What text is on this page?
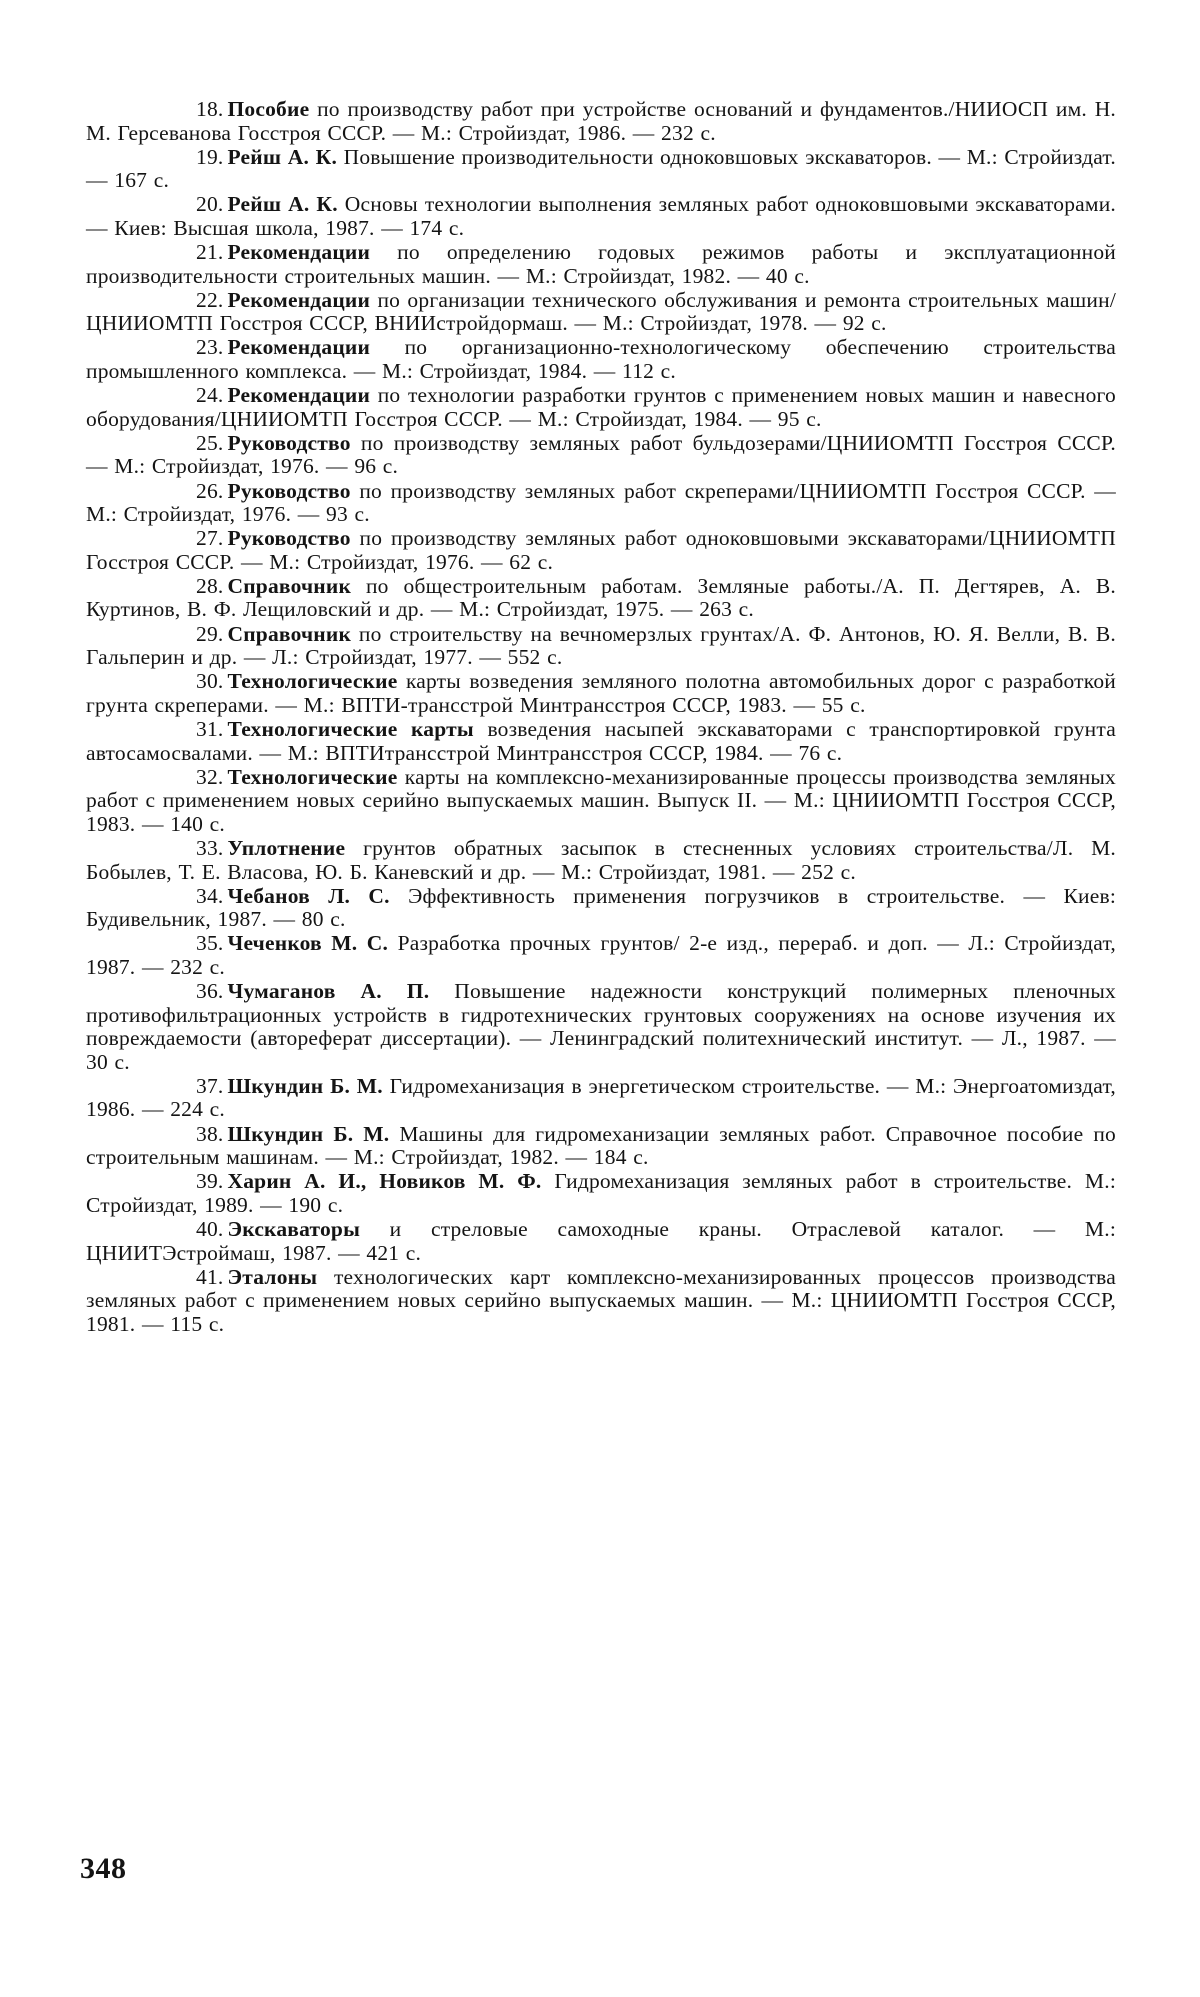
18. Пособие по производству работ при устройстве оснований и фундаментов./НИИОСП им. Н. М. Герсеванова Госстроя СССР. — М.: Стройиздат, 1986. — 232 с.

19. Рейш А. К. Повышение производительности одноковшовых экскаваторов. — М.: Стройиздат. — 167 с.

20. Рейш А. К. Основы технологии выполнения земляных работ одноковшовыми экскаваторами. — Киев: Высшая школа, 1987. — 174 с.

21. Рекомендации по определению годовых режимов работы и эксплуатационной производительности строительных машин. — М.: Стройиздат, 1982. — 40 с.

22. Рекомендации по организации технического обслуживания и ремонта строительных машин/ЦНИИОМТП Госстроя СССР, ВНИИстройдормаш. — М.: Стройиздат, 1978. — 92 с.

23. Рекомендации по организационно-технологическому обеспечению строительства промышленного комплекса. — М.: Стройиздат, 1984. — 112 с.

24. Рекомендации по технологии разработки грунтов с применением новых машин и навесного оборудования/ЦНИИОМТП Госстроя СССР. — М.: Стройиздат, 1984. — 95 с.

25. Руководство по производству земляных работ бульдозерами/ЦНИИОМТП Госстроя СССР. — М.: Стройиздат, 1976. — 96 с.

26. Руководство по производству земляных работ скреперами/ЦНИИОМТП Госстроя СССР. — М.: Стройиздат, 1976. — 93 с.

27. Руководство по производству земляных работ одноковшовыми экскаваторами/ЦНИИОМТП Госстроя СССР. — М.: Стройиздат, 1976. — 62 с.

28. Справочник по общестроительным работам. Земляные работы./А. П. Дегтярев, А. В. Куртинов, В. Ф. Лещиловский и др. — М.: Стройиздат, 1975. — 263 с.

29. Справочник по строительству на вечномерзлых грунтах/А. Ф. Антонов, Ю. Я. Велли, В. В. Гальперин и др. — Л.: Стройиздат, 1977. — 552 с.

30. Технологические карты возведения земляного полотна автомобильных дорог с разработкой грунта скреперами. — М.: ВПТИ-трансстрой Минтрансстроя СССР, 1983. — 55 с.

31. Технологические карты возведения насыпей экскаваторами с транспортировкой грунта автосамосвалами. — М.: ВПТИтрансстрой Минтрансстроя СССР, 1984. — 76 с.

32. Технологические карты на комплексно-механизированные процессы производства земляных работ с применением новых серийно выпускаемых машин. Выпуск II. — М.: ЦНИИОМТП Госстроя СССР, 1983. — 140 с.

33. Уплотнение грунтов обратных засыпок в стесненных условиях строительства/Л. М. Бобылев, Т. Е. Власова, Ю. Б. Каневский и др. — М.: Стройиздат, 1981. — 252 с.

34. Чебанов Л. С. Эффективность применения погрузчиков в строительстве. — Киев: Будивельник, 1987. — 80 с.

35. Чеченков М. С. Разработка прочных грунтов/ 2-е изд., перераб. и доп. — Л.: Стройиздат, 1987. — 232 с.

36. Чумаганов А. П. Повышение надежности конструкций полимерных пленочных противофильтрационных устройств в гидротехнических грунтовых сооружениях на основе изучения их повреждаемости (автореферат диссертации). — Ленинградский политехнический институт. — Л., 1987. — 30 с.

37. Шкундин Б. М. Гидромеханизация в энергетическом строительстве. — М.: Энергоатомиздат, 1986. — 224 с.

38. Шкундин Б. М. Машины для гидромеханизации земляных работ. Справочное пособие по строительным машинам. — М.: Стройиздат, 1982. — 184 с.

39. Харин А. И., Новиков М. Ф. Гидромеханизация земляных работ в строительстве. М.: Стройиздат, 1989. — 190 с.

40. Экскаваторы и стреловые самоходные краны. Отраслевой каталог. — М.: ЦНИИТЭстроймаш, 1987. — 421 с.

41. Эталоны технологических карт комплексно-механизированных процессов производства земляных работ с применением новых серийно выпускаемых машин. — М.: ЦНИИОМТП Госстроя СССР, 1981. — 115 с.

348
